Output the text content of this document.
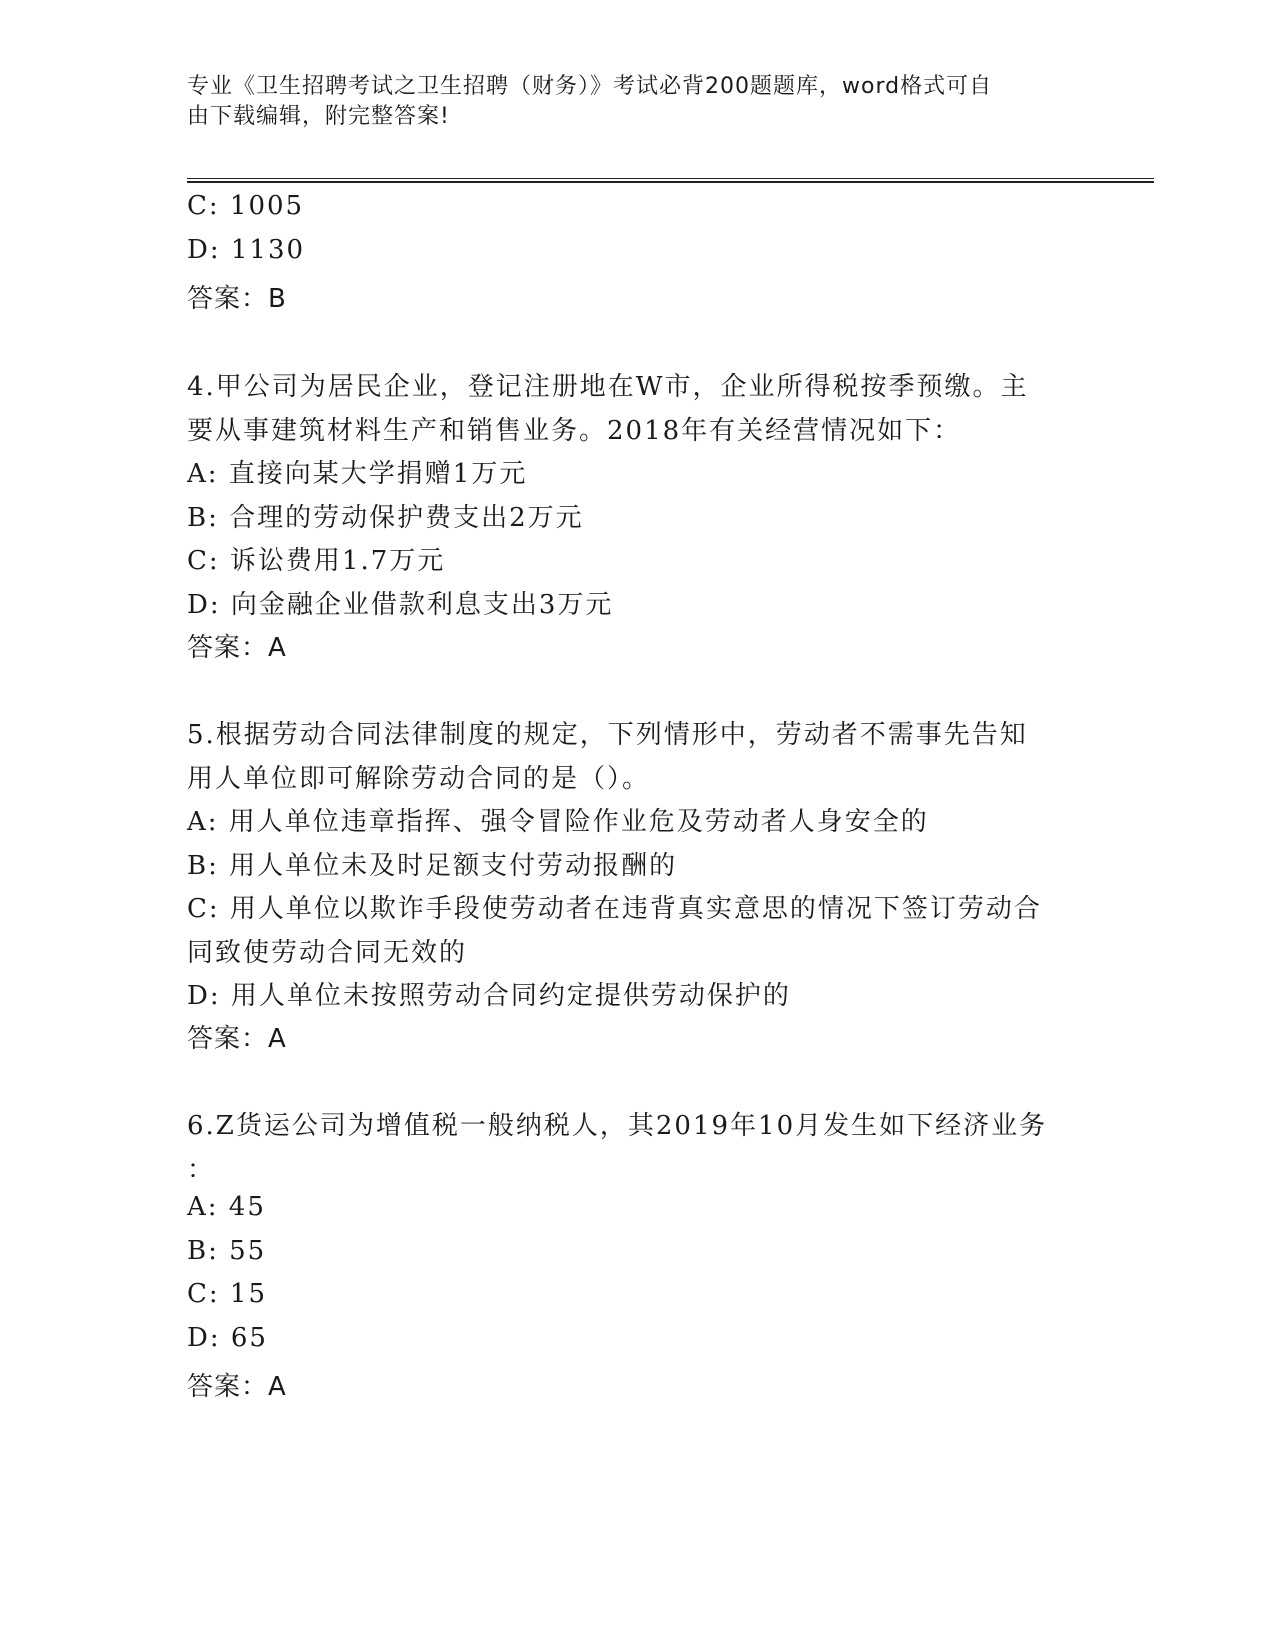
专业《卫生招聘考试之卫生招聘（财务）》考试必背200题题库，word格式可自
由下载编辑，附完整答案!
C: 1005
D: 1130
答案：B
4.甲公司为居民企业，登记注册地在W市，企业所得税按季预缴。主
要从事建筑材料生产和销售业务。2018年有关经营情况如下：
A: 直接向某大学捐赠1万元
B: 合理的劳动保护费支出2万元
C: 诉讼费用1.7万元
D: 向金融企业借款利息支出3万元
答案：A
5.根据劳动合同法律制度的规定，下列情形中，劳动者不需事先告知
用人单位即可解除劳动合同的是（）。
A: 用人单位违章指挥、强令冒险作业危及劳动者人身安全的
B: 用人单位未及时足额支付劳动报酬的
C: 用人单位以欺诈手段使劳动者在违背真实意思的情况下签订劳动合
同致使劳动合同无效的
D: 用人单位未按照劳动合同约定提供劳动保护的
答案：A
6.Z货运公司为增值税一般纳税人，其2019年10月发生如下经济业务
：
A: 45
B: 55
C: 15
D: 65
答案：A
